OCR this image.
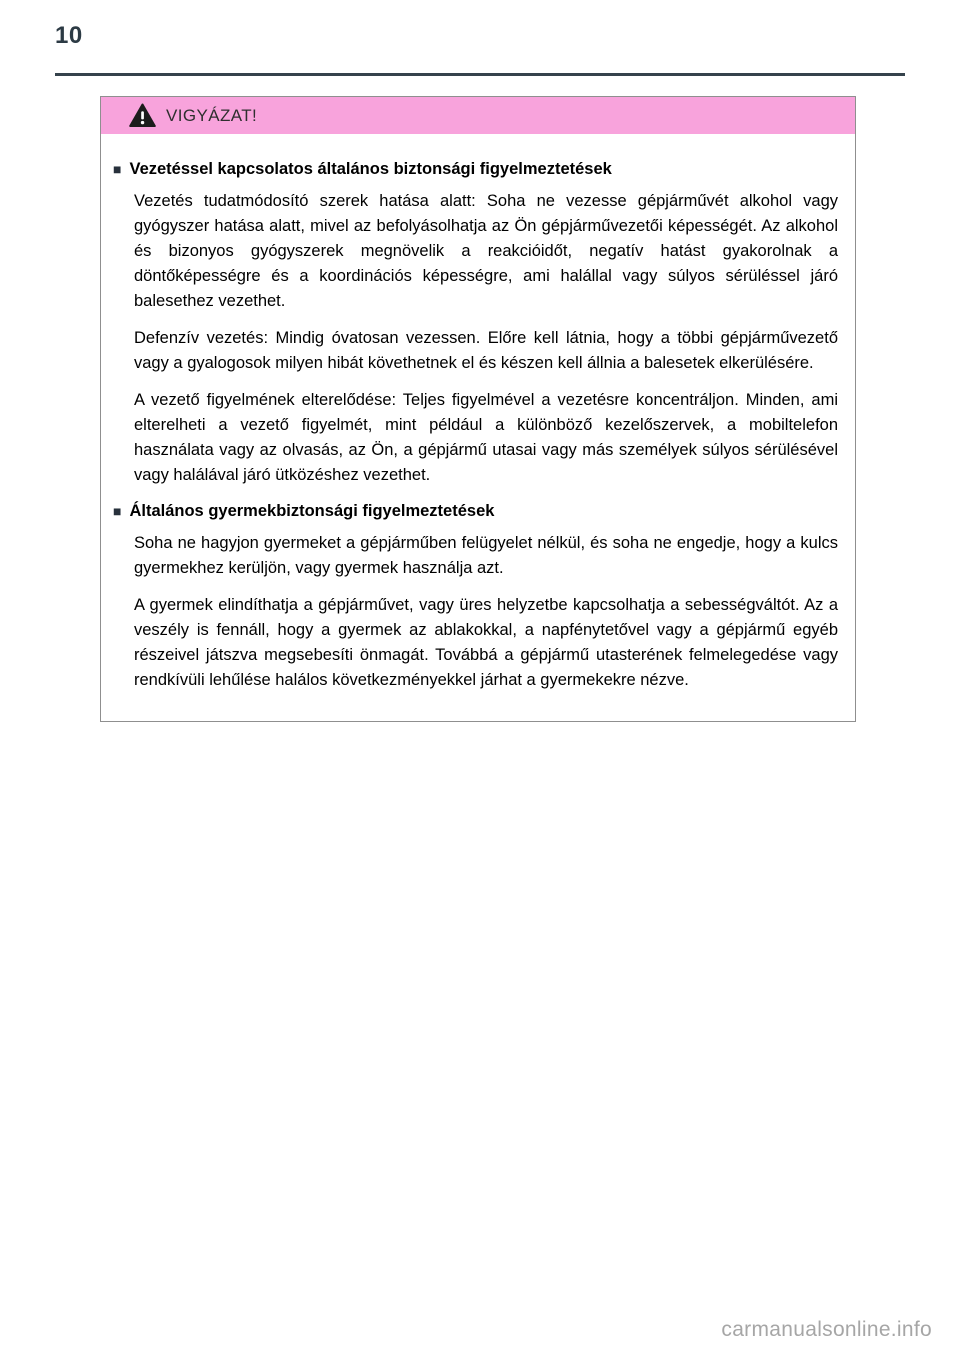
10
VIGYÁZAT!
■ Vezetéssel kapcsolatos általános biztonsági figyelmeztetések

Vezetés tudatmódosító szerek hatása alatt: Soha ne vezesse gépjárművét alkohol vagy gyógyszer hatása alatt, mivel az befolyásolhatja az Ön gépjárművezetői képességét. Az alkohol és bizonyos gyógyszerek megnövelik a reakcióidőt, negatív hatást gyakorolnak a döntőképességre és a koordinációs képességre, ami halállal vagy súlyos sérüléssel járó balesethez vezethet.

Defenzív vezetés: Mindig óvatosan vezessen. Előre kell látnia, hogy a többi gépjárművezető vagy a gyalogosok milyen hibát követhetnek el és készen kell állnia a balesetek elkerülésére.

A vezető figyelmének elterelődése: Teljes figyelmével a vezetésre koncentráljon. Minden, ami elterelheti a vezető figyelmét, mint például a különböző kezelőszervek, a mobiltelefon használata vagy az olvasás, az Ön, a gépjármű utasai vagy más személyek súlyos sérülésével vagy halálával járó ütközéshez vezethet.

■ Általános gyermekbiztonsági figyelmeztetések

Soha ne hagyjon gyermeket a gépjárműben felügyelet nélkül, és soha ne engedje, hogy a kulcs gyermekhez kerüljön, vagy gyermek használja azt.

A gyermek elindíthatja a gépjárművet, vagy üres helyzetbe kapcsolhatja a sebességváltót. Az a veszély is fennáll, hogy a gyermek az ablakokkal, a napfénytetővel vagy a gépjármű egyéb részeivel játszva megsebesíti önmagát. Továbbá a gépjármű utasterének felmelegedése vagy rendkívüli lehűlése halálos következményekkel járhat a gyermekekre nézve.

carmanualsonline.info
